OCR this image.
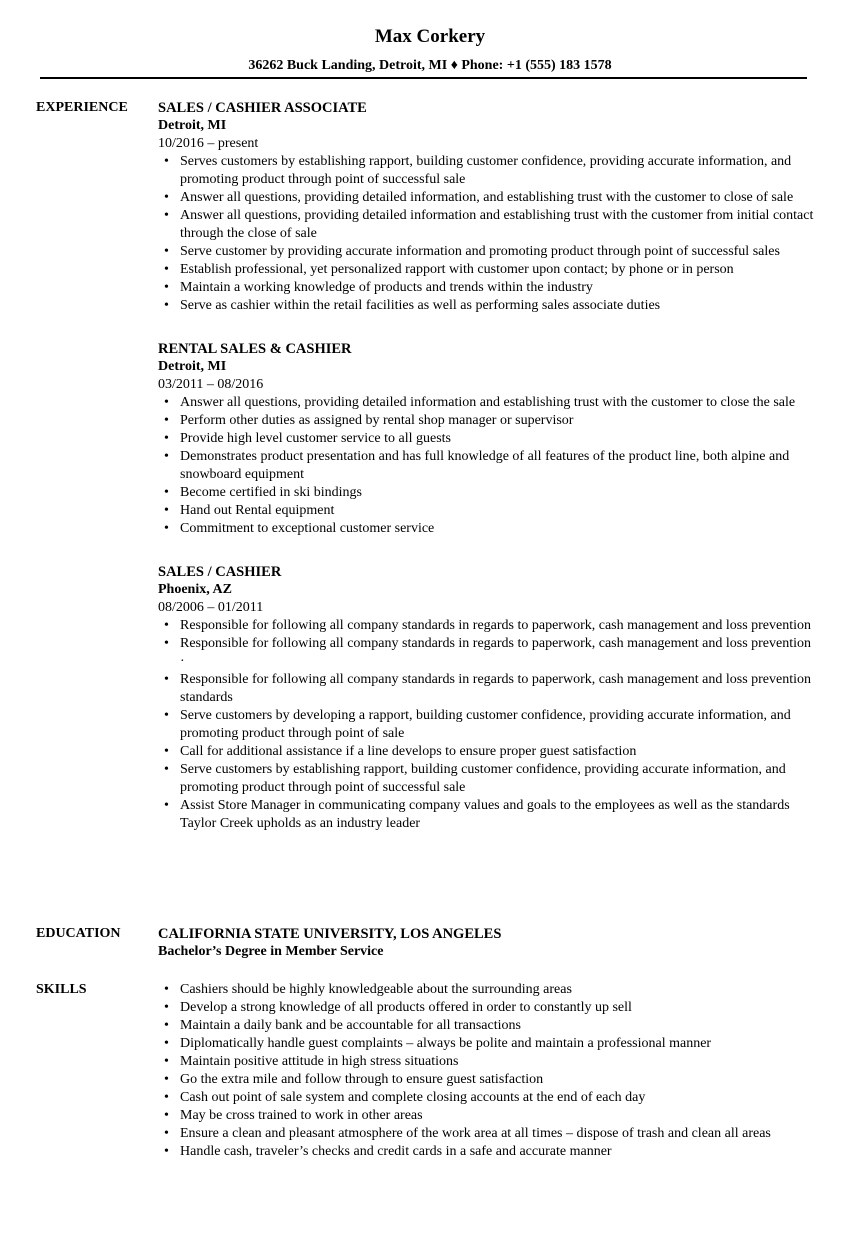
Max Corkery
36262 Buck Landing, Detroit, MI ♦ Phone: +1 (555) 183 1578
EXPERIENCE SALES / CASHIER ASSOCIATE
Detroit, MI
10/2016 – present
• Serves customers by establishing rapport, building customer confidence, providing accurate information, and promoting product through point of successful sale
• Answer all questions, providing detailed information, and establishing trust with the customer to close of sale
• Answer all questions, providing detailed information and establishing trust with the customer from initial contact through the close of sale
• Serve customer by providing accurate information and promoting product through point of successful sales
• Establish professional, yet personalized rapport with customer upon contact; by phone or in person
• Maintain a working knowledge of products and trends within the industry
• Serve as cashier within the retail facilities as well as performing sales associate duties
RENTAL SALES & CASHIER
Detroit, MI
03/2011 – 08/2016
• Answer all questions, providing detailed information and establishing trust with the customer to close the sale
• Perform other duties as assigned by rental shop manager or supervisor
• Provide high level customer service to all guests
• Demonstrates product presentation and has full knowledge of all features of the product line, both alpine and snowboard equipment
• Become certified in ski bindings
• Hand out Rental equipment
• Commitment to exceptional customer service
SALES / CASHIER
Phoenix, AZ
08/2006 – 01/2011
• Responsible for following all company standards in regards to paperwork, cash management and loss prevention
• Responsible for following all company standards in regards to paperwork, cash management and loss prevention ·
• Responsible for following all company standards in regards to paperwork, cash management and loss prevention standards
• Serve customers by developing a rapport, building customer confidence, providing accurate information, and promoting product through point of sale
• Call for additional assistance if a line develops to ensure proper guest satisfaction
• Serve customers by establishing rapport, building customer confidence, providing accurate information, and promoting product through point of successful sale
• Assist Store Manager in communicating company values and goals to the employees as well as the standards Taylor Creek upholds as an industry leader
EDUCATION	CALIFORNIA STATE UNIVERSITY, LOS ANGELES
Bachelor’s Degree in Member Service
SKILLS
•	Cashiers should be highly knowledgeable about the surrounding areas
• Develop a strong knowledge of all products offered in order to constantly up sell
• Maintain a daily bank and be accountable for all transactions
• Diplomatically handle guest complaints – always be polite and maintain a professional manner
• Maintain positive attitude in high stress situations
• Go the extra mile and follow through to ensure guest satisfaction
• Cash out point of sale system and complete closing accounts at the end of each day
• May be cross trained to work in other areas
• Ensure a clean and pleasant atmosphere of the work area at all times – dispose of trash and clean all areas
• Handle cash, traveler’s checks and credit cards in a safe and accurate manner
